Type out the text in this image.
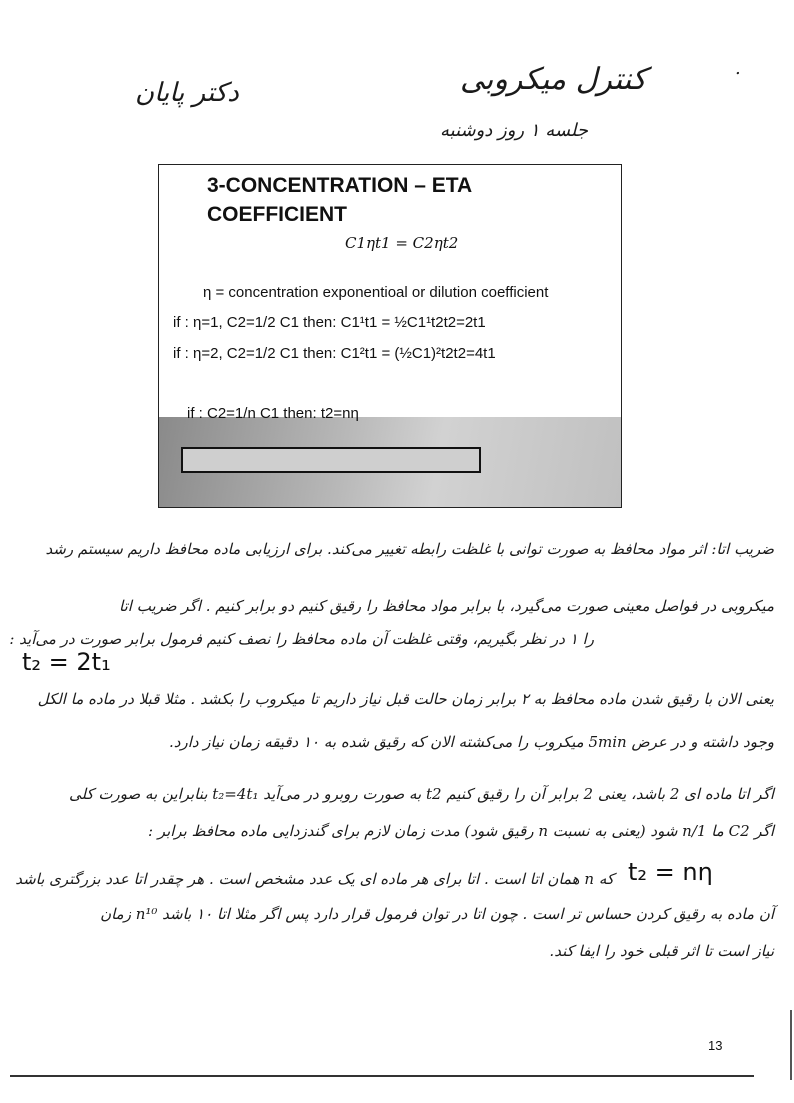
دکتر پایان	کنترل میکروبی
جلسه ۱ روز دوشنبه
.
3-CONCENTRATION – ETA COEFFICIENT
C1ηt1 = C2ηt2
η = concentration exponentioal or dilution coefficient
if : η=1, C2=1/2 C1 then: C1¹t1 = ½C1¹t2t2=2t1
if : η=2, C2=1/2 C1 then: C1²t1 = (½C1)²t2t2=4t1
if : C2=1/n C1 then: t2=nη
ضریب اتا: اثر مواد محافظ به صورت توانی با غلظت رابطه تغییر می‌کند. برای ارزیابی ماده محافظ داریم سیستم رشد
میکروبی در فواصل معینی صورت می‌گیرد، با برابر مواد محافظ را رقیق کنیم دو برابر کنیم . اگر ضریب اتا
را ۱ در نظر بگیریم، وقتی غلظت آن ماده محافظ را نصف کنیم فرمول برابر صورت در می‌آید :
t₂ = 2t₁
یعنی الان با رقیق شدن ماده محافظ به ۲ برابر زمان حالت قبل نیاز داریم تا میکروب را بکشد . مثلا قبلا در ماده ما الکل
وجود داشته و در عرض 5min میکروب را می‌کشته الان که رقیق شده به ۱۰ دقیقه زمان نیاز دارد.
اگر اتا ماده ای 2 باشد، یعنی 2 برابر آن را رقیق کنیم t2 به صورت روبرو در می‌آید t₂=4t₁ بنابراین به صورت کلی
اگر C2 ما 1/n شود (یعنی به نسبت n رقیق شود) مدت زمان لازم برای گندزدایی ماده محافظ برابر :
t₂ = nη
که n همان اتا است . اتا برای هر ماده ای یک عدد مشخص است . هر چقدر اتا عدد بزرگتری باشد
آن ماده به رقیق کردن حساس تر است . چون اتا در توان فرمول قرار دارد پس اگر مثلا اتا ۱۰ باشد n¹⁰ زمان
نیاز است تا اثر قبلی خود را ایفا کند.
13
